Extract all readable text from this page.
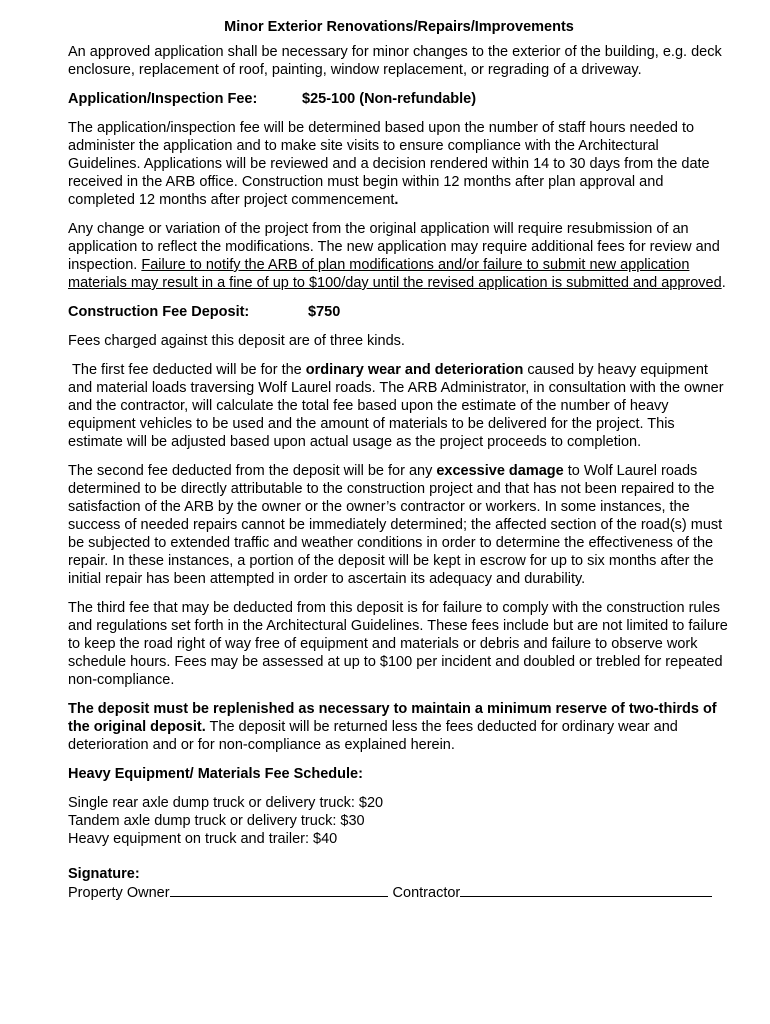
Minor Exterior Renovations/Repairs/Improvements

An approved application shall be necessary for minor changes to the exterior of the building, e.g. deck enclosure, replacement of roof, painting, window replacement, or regrading of a driveway.

Application/Inspection Fee:	$25-100 (Non-refundable)

The application/inspection fee will be determined based upon the number of staff hours needed to administer the application and to make site visits to ensure compliance with the Architectural Guidelines. Applications will be reviewed and a decision rendered within 14 to 30 days from the date received in the ARB office. Construction must begin within 12 months after plan approval and completed 12 months after project commencement.

Any change or variation of the project from the original application will require resubmission of an application to reflect the modifications. The new application may require additional fees for review and inspection. Failure to notify the ARB of plan modifications and/or failure to submit new application materials may result in a fine of up to $100/day until the revised application is submitted and approved.

Construction Fee Deposit:	$750

Fees charged against this deposit are of three kinds.

The first fee deducted will be for the ordinary wear and deterioration caused by heavy equipment and material loads traversing Wolf Laurel roads. The ARB Administrator, in consultation with the owner and the contractor, will calculate the total fee based upon the estimate of the number of heavy equipment vehicles to be used and the amount of materials to be delivered for the project. This estimate will be adjusted based upon actual usage as the project proceeds to completion.

The second fee deducted from the deposit will be for any excessive damage to Wolf Laurel roads determined to be directly attributable to the construction project and that has not been repaired to the satisfaction of the ARB by the owner or the owner’s contractor or workers. In some instances, the success of needed repairs cannot be immediately determined; the affected section of the road(s) must be subjected to extended traffic and weather conditions in order to determine the effectiveness of the repair. In these instances, a portion of the deposit will be kept in escrow for up to six months after the initial repair has been attempted in order to ascertain its adequacy and durability.

The third fee that may be deducted from this deposit is for failure to comply with the construction rules and regulations set forth in the Architectural Guidelines. These fees include but are not limited to failure to keep the road right of way free of equipment and materials or debris and failure to observe work schedule hours. Fees may be assessed at up to $100 per incident and doubled or trebled for repeated non-compliance.

The deposit must be replenished as necessary to maintain a minimum reserve of two-thirds of the original deposit. The deposit will be returned less the fees deducted for ordinary wear and deterioration and or for non-compliance as explained herein.

Heavy Equipment/ Materials Fee Schedule:

Single rear axle dump truck or delivery truck: $20

Tandem axle dump truck or delivery truck: $30

Heavy equipment on truck and trailer: $40

Signature:

Property Owner	Contractor
